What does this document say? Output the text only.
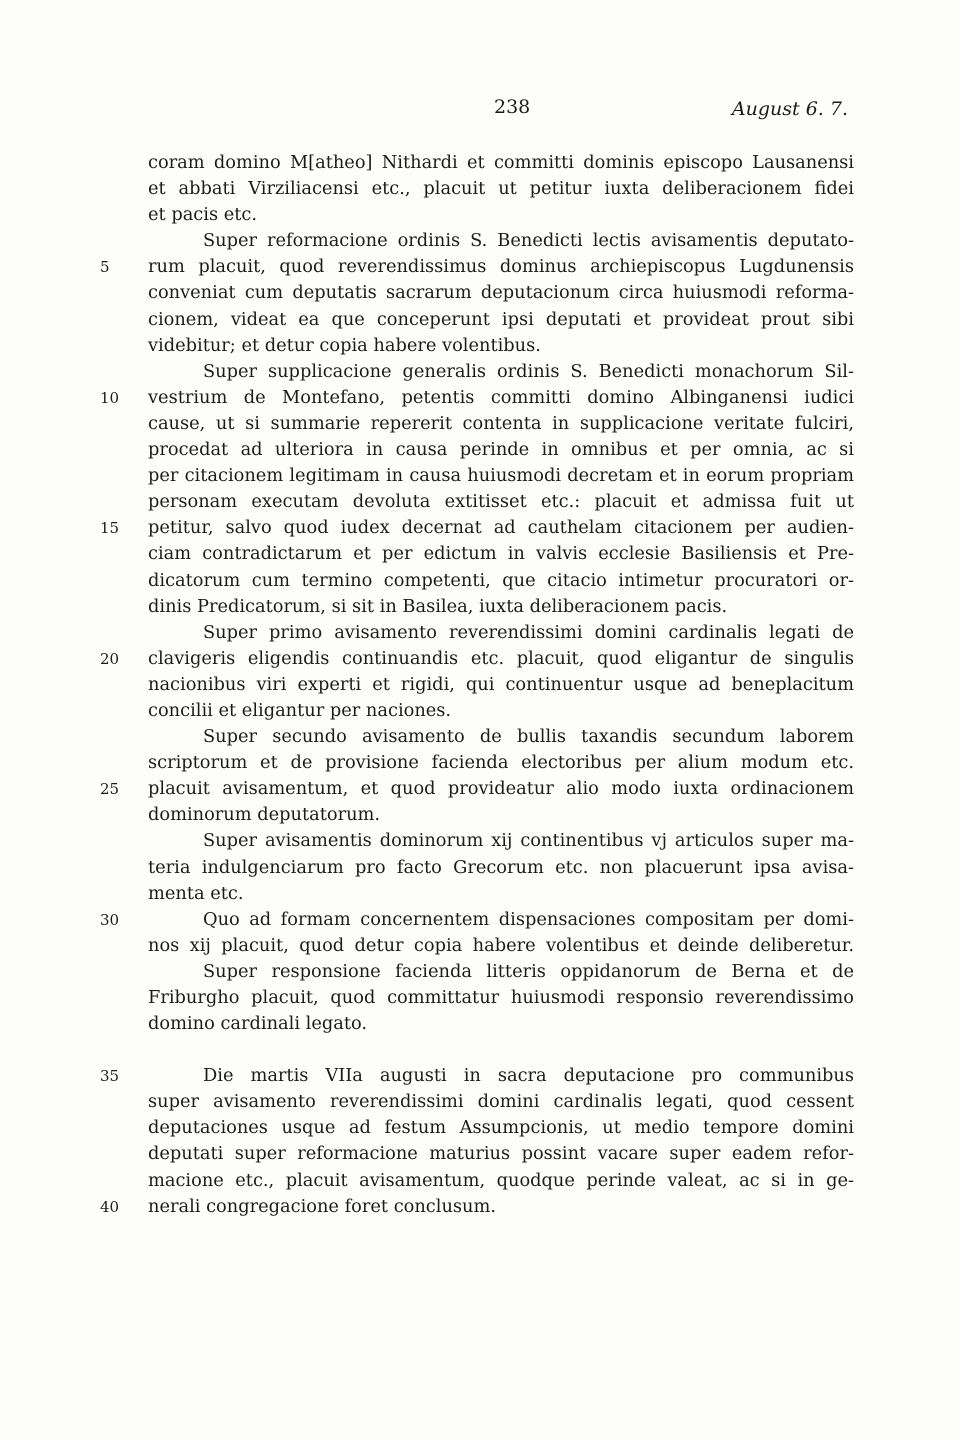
238	August 6. 7.
coram domino M[atheo] Nithardi et committi dominis episcopo Lausanensi
et abbati Virziliacensi etc., placuit ut petitur iuxta deliberacionem fidei
et pacis etc.
Super reformacione ordinis S. Benedicti lectis avisamentis deputato-
5 rum placuit, quod reverendissimus dominus archiepiscopus Lugdunensis
conveniat cum deputatis sacrarum deputacionum circa huiusmodi reforma-
cionem, videat ea que conceperunt ipsi deputati et provideat prout sibi
videbitur; et detur copia habere volentibus.
Super supplicacione generalis ordinis S. Benedicti monachorum Sil-
10 vestrium de Montefano, petentis committi domino Albinganensi iudici
cause, ut si summarie repererit contenta in supplicacione veritate fulciri,
procedat ad ulteriora in causa perinde in omnibus et per omnia, ac si
per citacionem legitimam in causa huiusmodi decretam et in eorum propriam
personam executam devoluta extitisset etc.: placuit et admissa fuit ut
15 petitur, salvo quod iudex decernat ad cauthelam citacionem per audien-
ciam contradictarum et per edictum in valvis ecclesie Basiliensis et Pre-
dicatorum cum termino competenti, que citacio intimetur procuratori or-
dinis Predicatorum, si sit in Basilea, iuxta deliberacionem pacis.
Super primo avisamento reverendissimi domini cardinalis legati de
20 clavigeris eligendis continuandis etc. placuit, quod eligantur de singulis
nacionibus viri experti et rigidi, qui continuentur usque ad beneplacitum
concilii et eligantur per naciones.
Super secundo avisamento de bullis taxandis secundum laborem
scriptorum et de provisione facienda electoribus per alium modum etc.
25 placuit avisamentum, et quod provideatur alio modo iuxta ordinacionem
dominorum deputatorum.
Super avisamentis dominorum xij continentibus vj articulos super ma-
teria indulgenciarum pro facto Grecorum etc. non placuerunt ipsa avisa-
menta etc.
30	Quo ad formam concernentem dispensaciones compositam per domi-
nos xij placuit, quod detur copia habere volentibus et deinde deliberetur.
Super responsione facienda litteris oppidanorum de Berna et de
Friburgho placuit, quod committatur huiusmodi responsio reverendissimo
domino cardinali legato.
35	Die martis VIIa augusti in sacra deputacione pro communibus
super avisamento reverendissimi domini cardinalis legati, quod cessent
deputaciones usque ad festum Assumpcionis, ut medio tempore domini
deputati super reformacione maturius possint vacare super eadem refor-
macione etc., placuit avisamentum, quodque perinde valeat, ac si in ge-
40 nerali congregacione foret conclusum.
